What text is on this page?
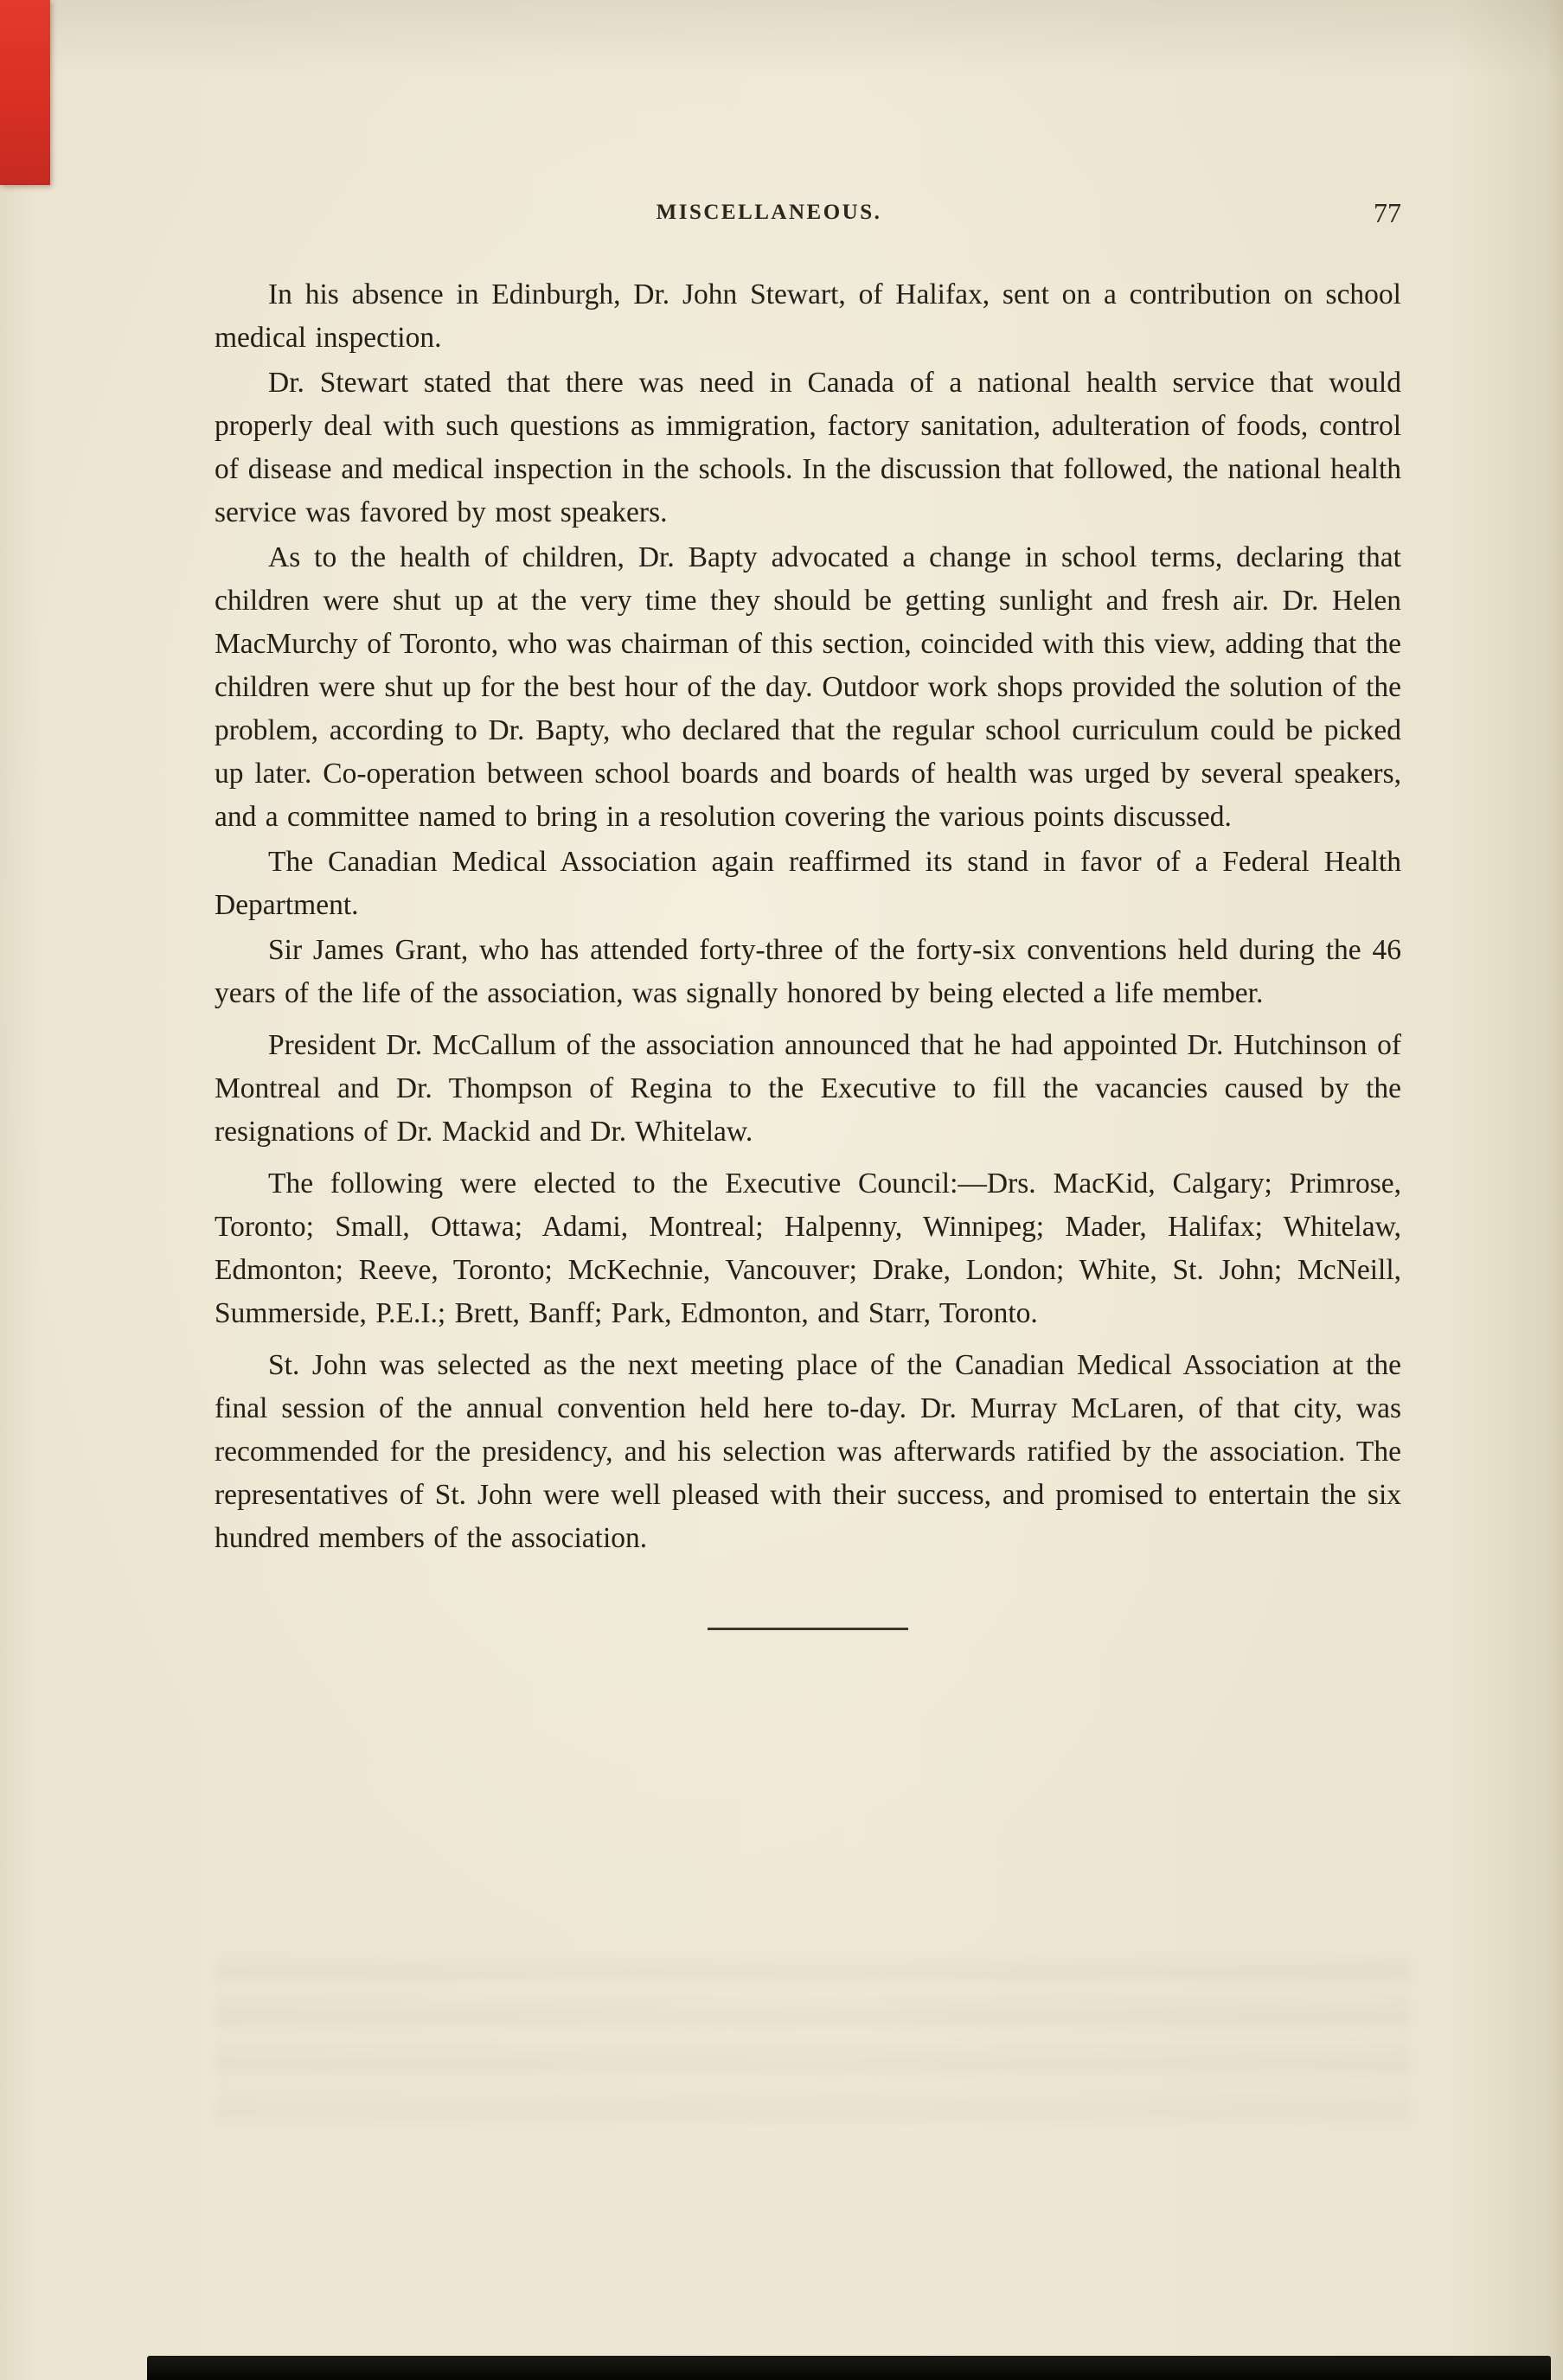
MISCELLANEOUS.	77

In his absence in Edinburgh, Dr. John Stewart, of Halifax, sent on a contribution on school medical inspection.

Dr. Stewart stated that there was need in Canada of a national health service that would properly deal with such questions as immigration, factory sanitation, adulteration of foods, control of disease and medical inspection in the schools. In the discussion that followed, the national health service was favored by most speakers.

As to the health of children, Dr. Bapty advocated a change in school terms, declaring that children were shut up at the very time they should be getting sunlight and fresh air. Dr. Helen MacMurchy of Toronto, who was chairman of this section, coincided with this view, adding that the children were shut up for the best hour of the day. Outdoor work shops provided the solution of the problem, according to Dr. Bapty, who declared that the regular school curriculum could be picked up later. Co-operation between school boards and boards of health was urged by several speakers, and a committee named to bring in a resolution covering the various points discussed.

The Canadian Medical Association again reaffirmed its stand in favor of a Federal Health Department.

Sir James Grant, who has attended forty-three of the forty-six conventions held during the 46 years of the life of the association, was signally honored by being elected a life member.

President Dr. McCallum of the association announced that he had appointed Dr. Hutchinson of Montreal and Dr. Thompson of Regina to the Executive to fill the vacancies caused by the resignations of Dr. Mackid and Dr. Whitelaw.

The following were elected to the Executive Council:—Drs. MacKid, Calgary; Primrose, Toronto; Small, Ottawa; Adami, Montreal; Halpenny, Winnipeg; Mader, Halifax; Whitelaw, Edmonton; Reeve, Toronto; McKechnie, Vancouver; Drake, London; White, St. John; McNeill, Summerside, P.E.I.; Brett, Banff; Park, Edmonton, and Starr, Toronto.

St. John was selected as the next meeting place of the Canadian Medical Association at the final session of the annual convention held here to-day. Dr. Murray McLaren, of that city, was recommended for the presidency, and his selection was afterwards ratified by the association. The representatives of St. John were well pleased with their success, and promised to entertain the six hundred members of the association.
